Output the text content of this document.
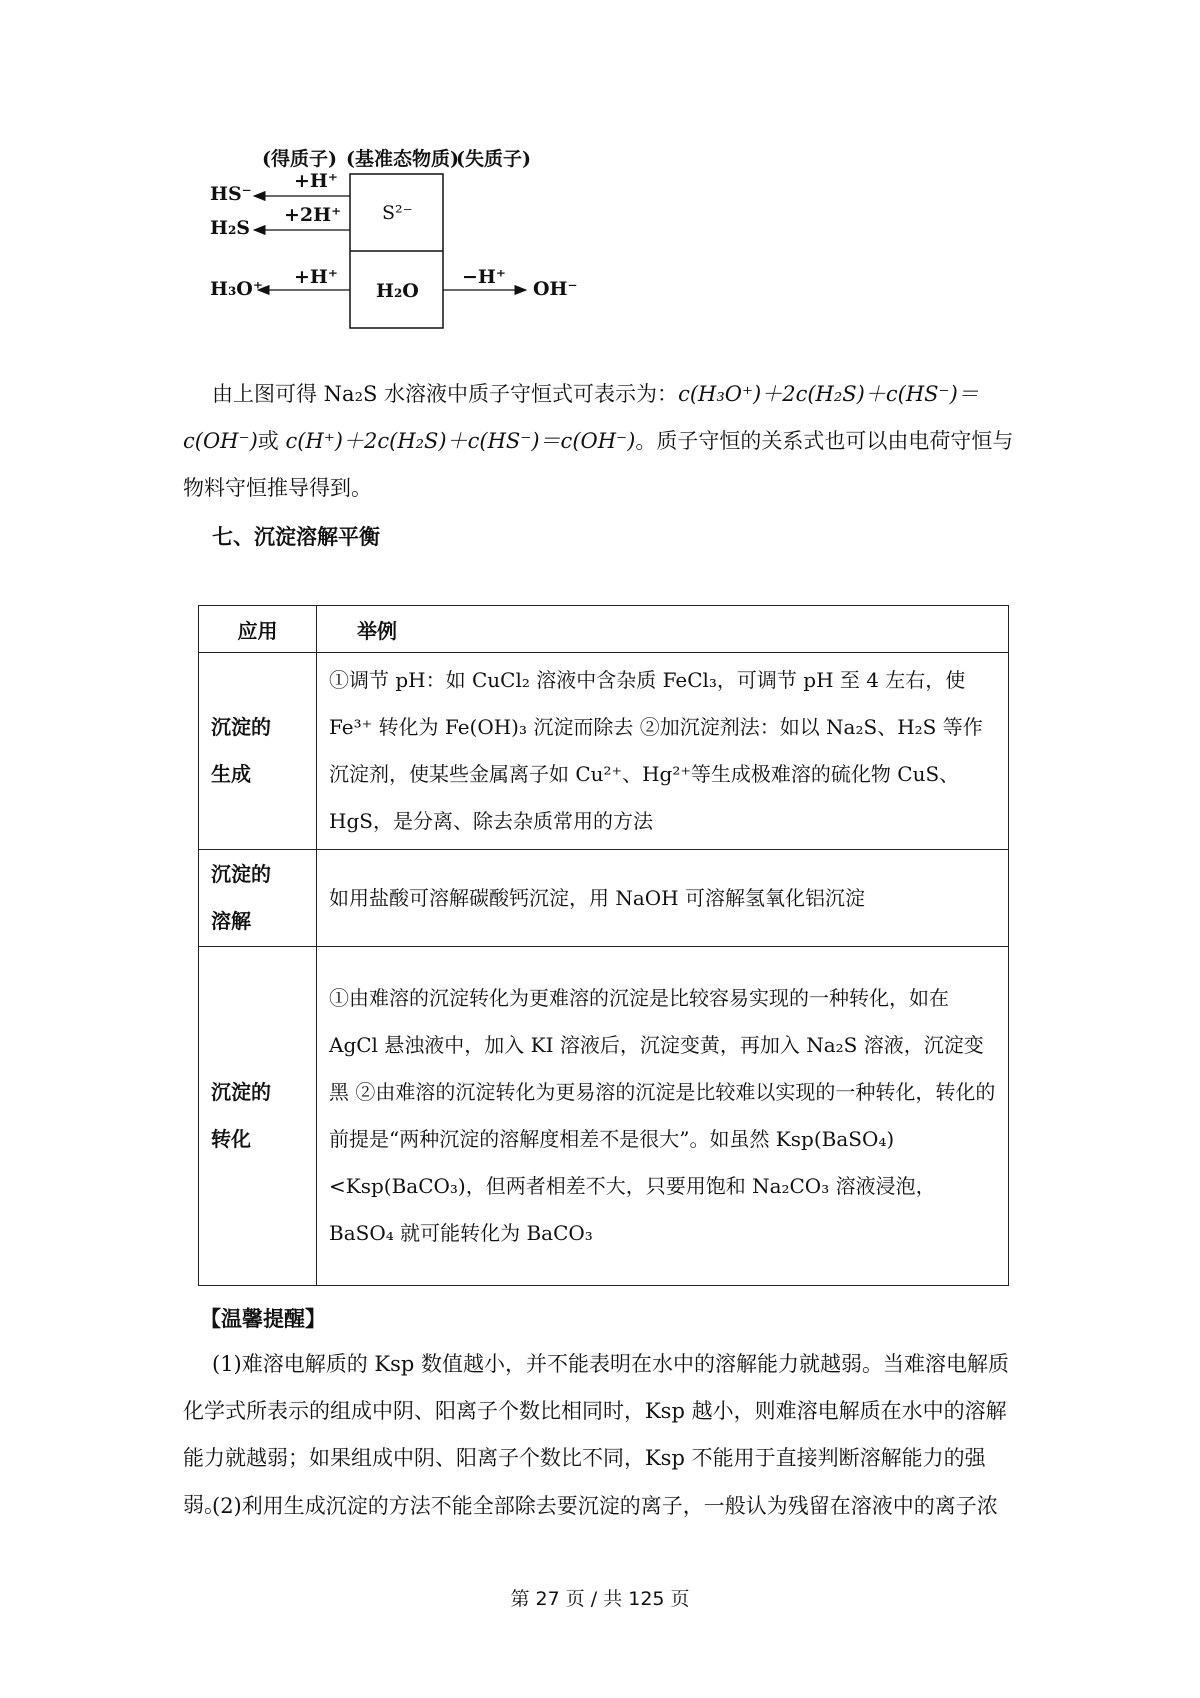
(得质子) (基准态物质)
(失质子)
HS⁻
+H⁺
H₂S
+2H⁺ S²⁻
H₃O⁺
+H⁺
H₂O
−H⁺
OH⁻
由上图可得 Na₂S 水溶液中质子守恒式可表示为：c(H₃O⁺)＋2c(H₂S)＋c(HS⁻)＝c(OH⁻)或 c(H⁺)＋2c(H₂S)＋c(HS⁻)＝c(OH⁻)。质子守恒的关系式也可以由电荷守恒与物料守恒推导得到。
七、沉淀溶解平衡
应用	举例

沉淀的
生成	①调节 pH：如 CuCl₂ 溶液中含杂质 FeCl₃，可调节 pH 至 4 左右，使 Fe³⁺ 转化为 Fe(OH)₃ 沉淀而除去 ②加沉淀剂法：如以 Na₂S、H₂S 等作沉淀剂，使某些金属离子如 Cu²⁺、Hg²⁺等生成极难溶的硫化物 CuS、HgS，是分离、除去杂质常用的方法

沉淀的
溶解	如用盐酸可溶解碳酸钙沉淀，用 NaOH 可溶解氢氧化铝沉淀

沉淀的
转化	①由难溶的沉淀转化为更难溶的沉淀是比较容易实现的一种转化，如在 AgCl 悬浊液中，加入 KI 溶液后，沉淀变黄，再加入 Na₂S 溶液，沉淀变黑 ②由难溶的沉淀转化为更易溶的沉淀是比较难以实现的一种转化，转化的前提是“两种沉淀的溶解度相差不是很大”。如虽然 Ksp(BaSO₄)<Ksp(BaCO₃)，但两者相差不大，只要用饱和 Na₂CO₃ 溶液浸泡，BaSO₄ 就可能转化为 BaCO₃
【温馨提醒】
(1)难溶电解质的 Ksp 数值越小，并不能表明在水中的溶解能力就越弱。当难溶电解质化学式所表示的组成中阴、阳离子个数比相同时，Ksp 越小，则难溶电解质在水中的溶解能力就越弱；如果组成中阴、阳离子个数比不同，Ksp 不能用于直接判断溶解能力的强弱。
(2)利用生成沉淀的方法不能全部除去要沉淀的离子，一般认为残留在溶液中的离子浓
第 27 页 / 共 125 页
